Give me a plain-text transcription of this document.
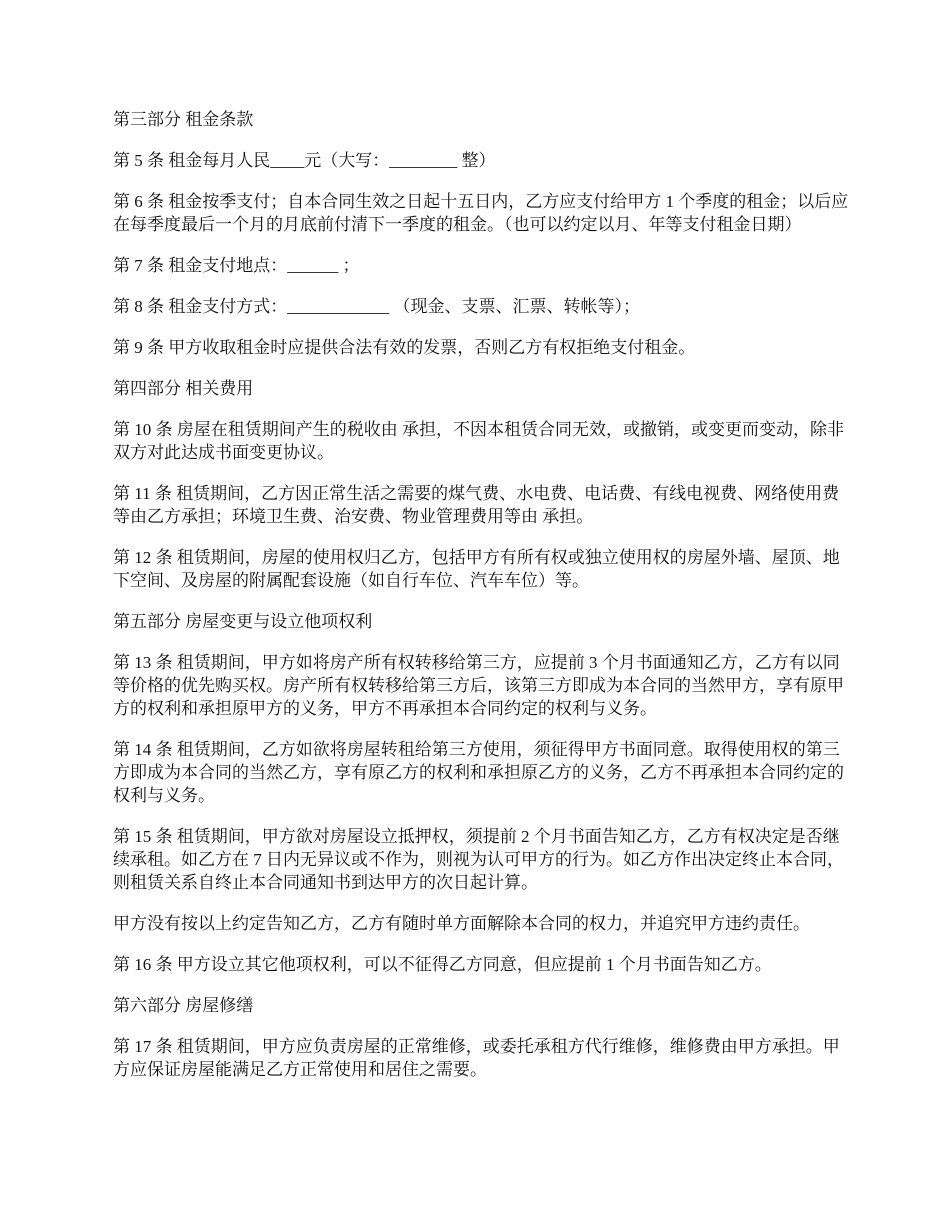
第三部分 租金条款

第 5 条 租金每月人民____元（大写：________ 整）

第 6 条 租金按季支付；自本合同生效之日起十五日内，乙方应支付给甲方 1 个季度的租金；以后应在每季度最后一个月的月底前付清下一季度的租金。（也可以约定以月、年等支付租金日期）

第 7 条 租金支付地点：______ ；

第 8 条 租金支付方式：____________ （现金、支票、汇票、转帐等）；

第 9 条 甲方收取租金时应提供合法有效的发票，否则乙方有权拒绝支付租金。

第四部分 相关费用

第 10 条 房屋在租赁期间产生的税收由 承担，不因本租赁合同无效，或撤销，或变更而变动，除非双方对此达成书面变更协议。

第 11 条 租赁期间，乙方因正常生活之需要的煤气费、水电费、电话费、有线电视费、网络使用费等由乙方承担；环境卫生费、治安费、物业管理费用等由 承担。

第 12 条 租赁期间，房屋的使用权归乙方，包括甲方有所有权或独立使用权的房屋外墙、屋顶、地下空间、及房屋的附属配套设施（如自行车位、汽车车位）等。

第五部分 房屋变更与设立他项权利

第 13 条 租赁期间，甲方如将房产所有权转移给第三方，应提前 3 个月书面通知乙方，乙方有以同等价格的优先购买权。房产所有权转移给第三方后，该第三方即成为本合同的当然甲方，享有原甲方的权利和承担原甲方的义务，甲方不再承担本合同约定的权利与义务。

第 14 条 租赁期间，乙方如欲将房屋转租给第三方使用，须征得甲方书面同意。取得使用权的第三方即成为本合同的当然乙方，享有原乙方的权利和承担原乙方的义务，乙方不再承担本合同约定的权利与义务。

第 15 条 租赁期间，甲方欲对房屋设立抵押权，须提前 2 个月书面告知乙方，乙方有权决定是否继续承租。如乙方在 7 日内无异议或不作为，则视为认可甲方的行为。如乙方作出决定终止本合同，则租赁关系自终止本合同通知书到达甲方的次日起计算。

甲方没有按以上约定告知乙方，乙方有随时单方面解除本合同的权力，并追究甲方违约责任。

第 16 条 甲方设立其它他项权利，可以不征得乙方同意，但应提前 1 个月书面告知乙方。

第六部分 房屋修缮

第 17 条 租赁期间，甲方应负责房屋的正常维修，或委托承租方代行维修，维修费由甲方承担。甲方应保证房屋能满足乙方正常使用和居住之需要。
